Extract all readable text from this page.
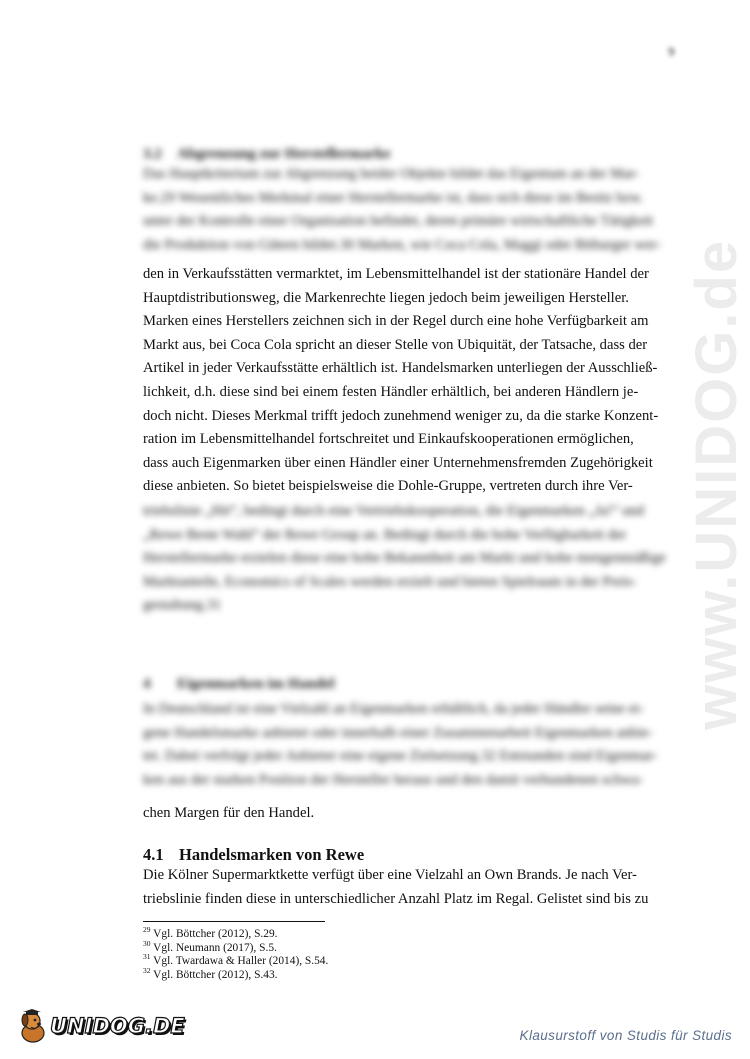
9
www.UNIDOG.de
3.2 Abgrenzung zur Herstellermarke
Das Hauptkriterium zur Abgrenzung beider Objekte bildet das Eigentum an der Mar-
ke.29 Wesentliches Merkmal einer Herstellermarke ist, dass sich diese im Besitz bzw.
unter der Kontrolle einer Organisation befindet, deren primäre wirtschaftliche Tätigkeit
die Produktion von Gütern bildet.30 Marken, wie Coca Cola, Maggi oder Bitburger wer-
den in Verkaufsstätten vermarktet, im Lebensmittelhandel ist der stationäre Handel der
Hauptdistributionsweg, die Markenrechte liegen jedoch beim jeweiligen Hersteller.
Marken eines Herstellers zeichnen sich in der Regel durch eine hohe Verfügbarkeit am
Markt aus, bei Coca Cola spricht an dieser Stelle von Ubiquität, der Tatsache, dass der
Artikel in jeder Verkaufsstätte erhältlich ist. Handelsmarken unterliegen der Ausschließ-
lichkeit, d.h. diese sind bei einem festen Händler erhältlich, bei anderen Händlern je-
doch nicht. Dieses Merkmal trifft jedoch zunehmend weniger zu, da die starke Konzent-
ration im Lebensmittelhandel fortschreitet und Einkaufskooperationen ermöglichen,
dass auch Eigenmarken über einen Händler einer Unternehmensfremden Zugehörigkeit
diese anbieten. So bietet beispielsweise die Dohle-Gruppe, vertreten durch ihre Ver-
triebslinie „Hit“, bedingt durch eine Vertriebskooperation, die Eigenmarken „Ja!“ und
„Rewe Beste Wahl“ der Rewe Group an. Bedingt durch die hohe Verfügbarkeit der
Herstellermarke erzielen diese eine hohe Bekanntheit am Markt und hohe mengenmäßige
Marktanteile, Economics of Scales werden erzielt und bieten Spielraum in der Preis-
gestaltung.31
4 Eigenmarken im Handel
In Deutschland ist eine Vielzahl an Eigenmarken erhältlich, da jeder Händler seine ei-
gene Handelsmarke anbietet oder innerhalb einer Zusammenarbeit Eigenmarken anbie-
tet. Dabei verfolgt jeder Anbieter eine eigene Zielsetzung.32 Entstanden sind Eigenmar-
ken aus der starken Position der Hersteller heraus und den damit verbundenen schwa-
chen Margen für den Handel.
4.1 Handelsmarken von Rewe
Die Kölner Supermarktkette verfügt über eine Vielzahl an Own Brands. Je nach Ver-
triebslinie finden diese in unterschiedlicher Anzahl Platz im Regal. Gelistet sind bis zu
$^{29}$ Vgl. Böttcher (2012), S.29.
$^{30}$ Vgl. Neumann (2017), S.5.
$^{31}$ Vgl. Twardawa & Haller (2014), S.54.
$^{32}$ Vgl. Böttcher (2012), S.43.
UNIDOG.DE	Klausurstoff von Studis für Studis
